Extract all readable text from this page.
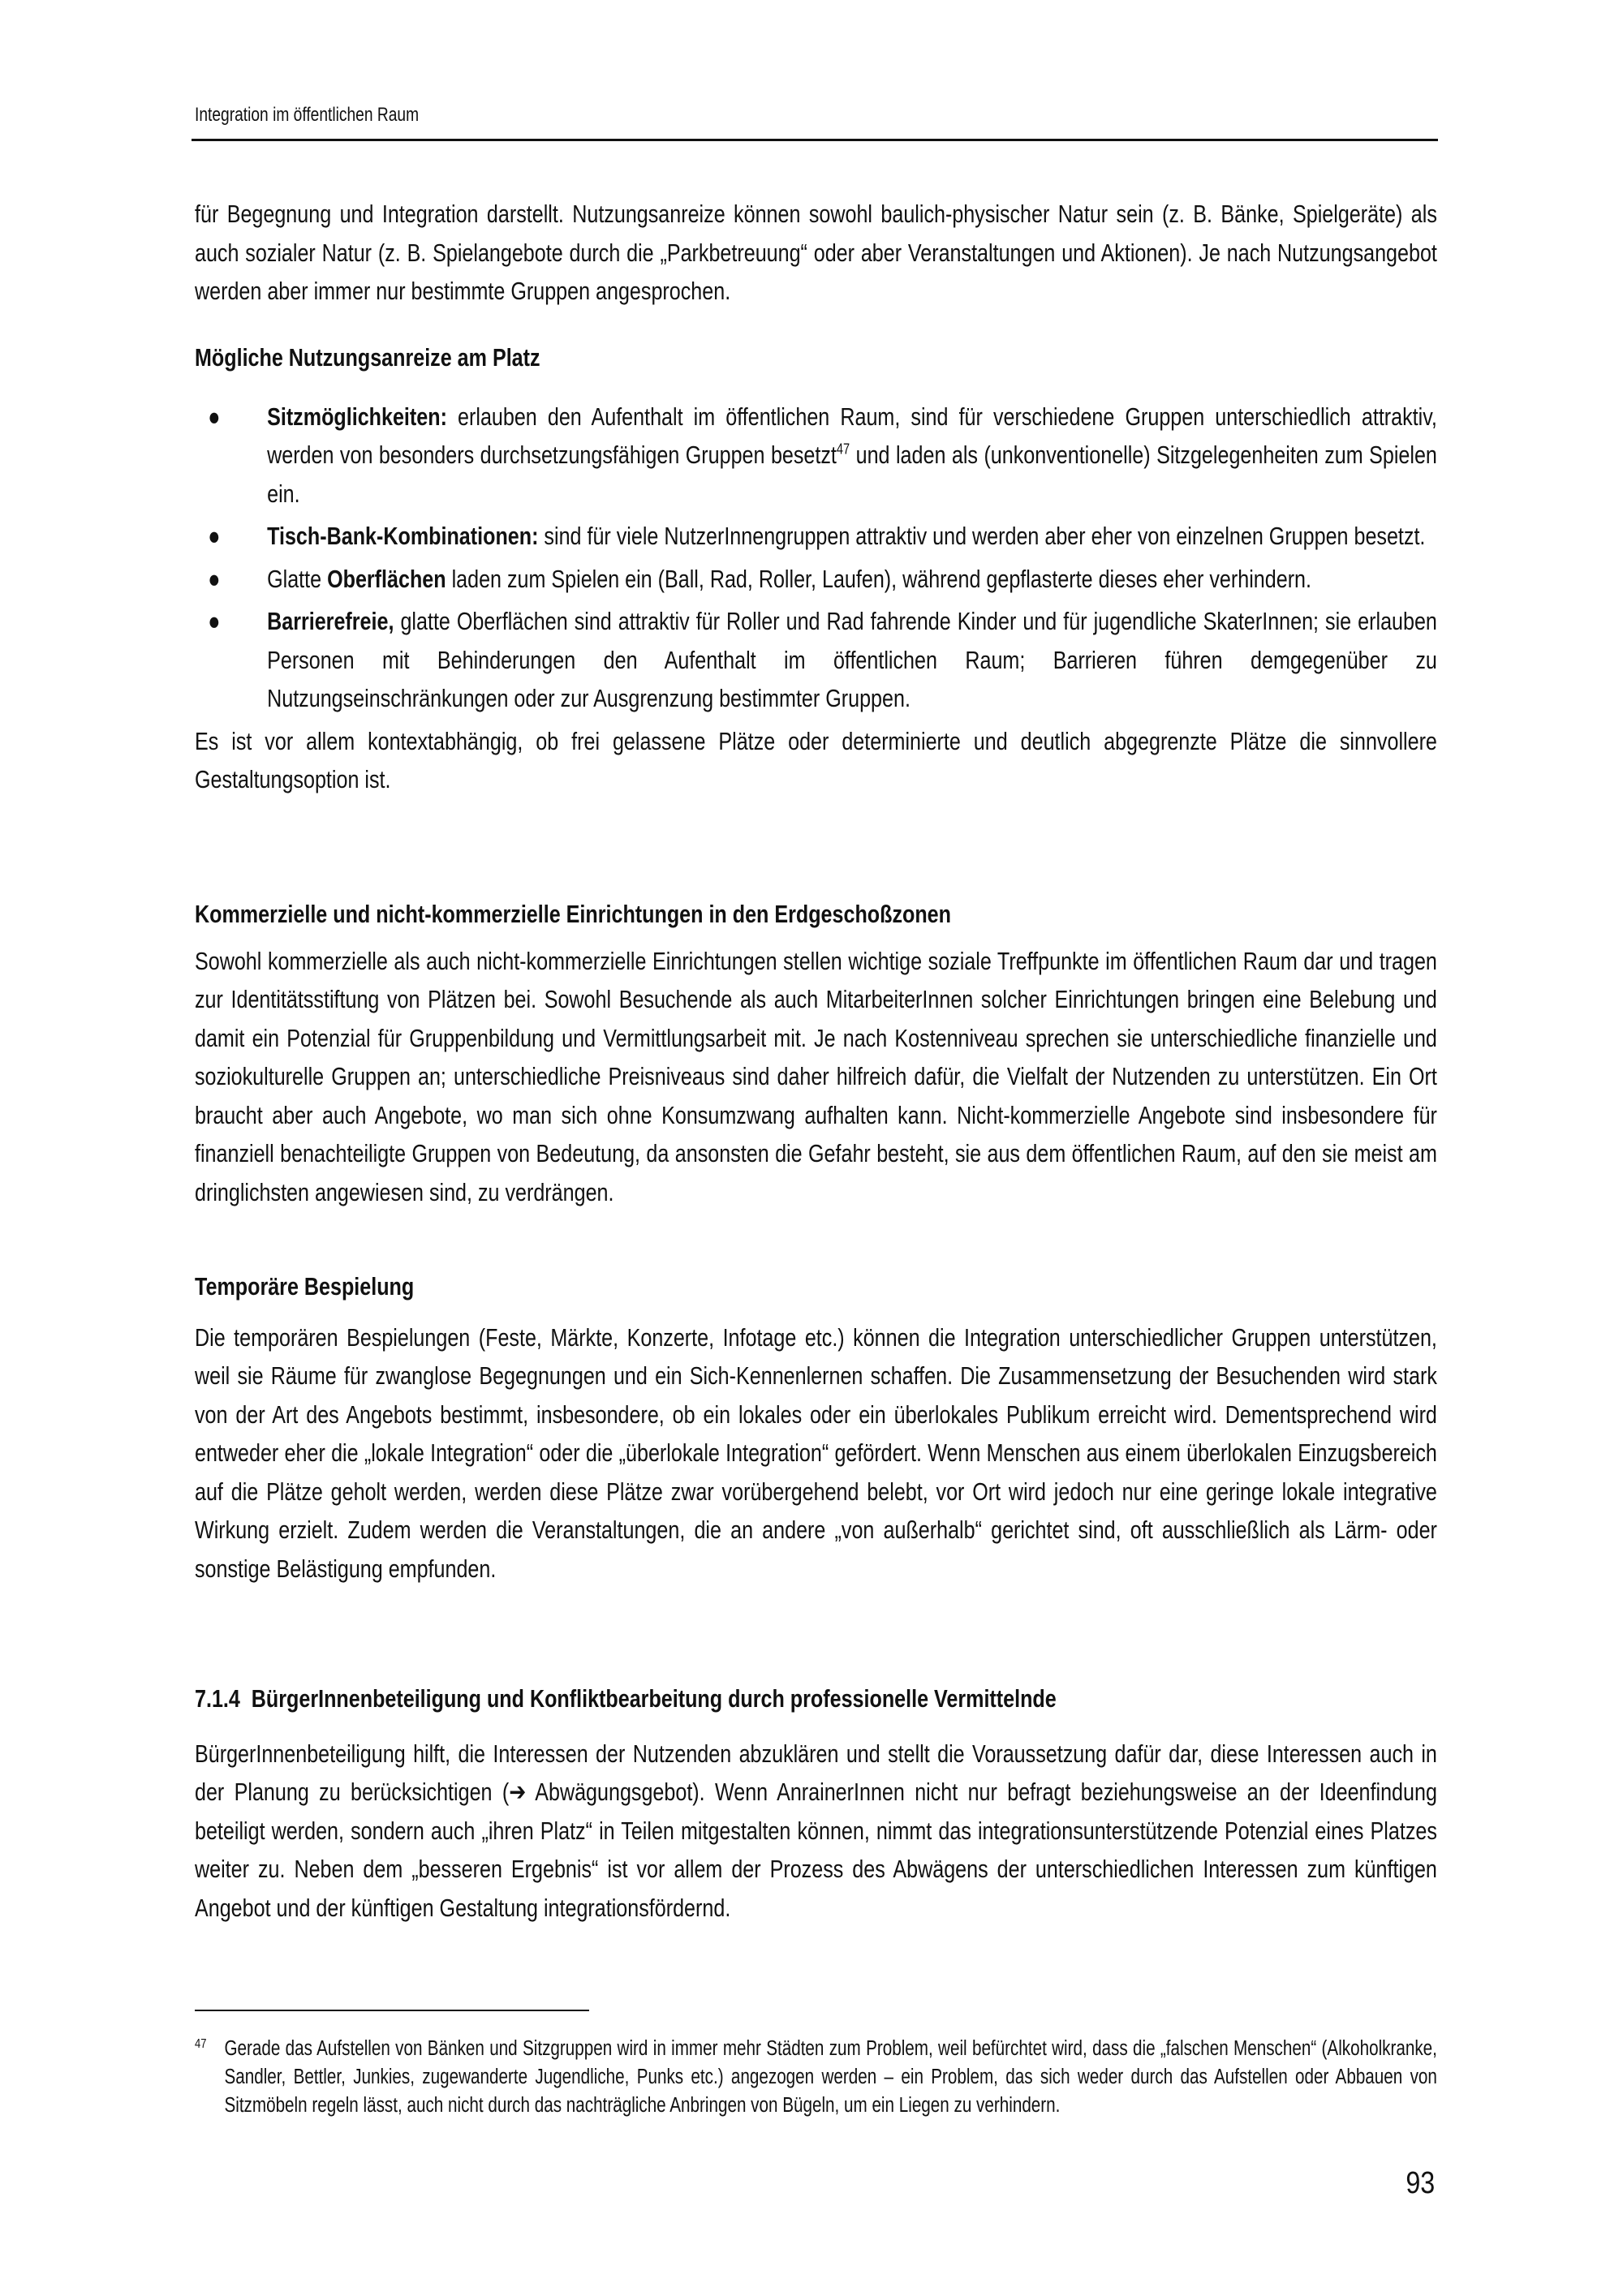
Integration im öffentlichen Raum

für Begegnung und Integration darstellt. Nutzungsanreize können sowohl baulich-physischer Natur sein (z. B. Bänke, Spielgeräte) als auch sozialer Natur (z. B. Spielangebote durch die „Parkbetreuung“ oder aber Veranstaltungen und Aktionen). Je nach Nutzungsangebot werden aber immer nur bestimmte Gruppen angesprochen.

Mögliche Nutzungsanreize am Platz

● Sitzmöglichkeiten: erlauben den Aufenthalt im öffentlichen Raum, sind für verschiedene Gruppen unterschiedlich attraktiv, werden von besonders durchsetzungsfähigen Gruppen besetzt$^{47}$ und laden als (unkonventionelle) Sitzgelegenheiten zum Spielen ein.
● Tisch-Bank-Kombinationen: sind für viele NutzerInnengruppen attraktiv und werden aber eher von einzelnen Gruppen besetzt.
● Glatte Oberflächen laden zum Spielen ein (Ball, Rad, Roller, Laufen), während gepflasterte dieses eher verhindern.
● Barrierefreie, glatte Oberflächen sind attraktiv für Roller und Rad fahrende Kinder und für jugendliche SkaterInnen; sie erlauben Personen mit Behinderungen den Aufenthalt im öffentlichen Raum; Barrieren führen demgegenüber zu Nutzungseinschränkungen oder zur Ausgrenzung bestimmter Gruppen.

Es ist vor allem kontextabhängig, ob frei gelassene Plätze oder determinierte und deutlich abgegrenzte Plätze die sinnvollere Gestaltungsoption ist.

Kommerzielle und nicht-kommerzielle Einrichtungen in den Erdgeschoßzonen

Sowohl kommerzielle als auch nicht-kommerzielle Einrichtungen stellen wichtige soziale Treffpunkte im öffentlichen Raum dar und tragen zur Identitätsstiftung von Plätzen bei. Sowohl Besuchende als auch MitarbeiterInnen solcher Einrichtungen bringen eine Belebung und damit ein Potenzial für Gruppenbildung und Vermittlungsarbeit mit. Je nach Kostenniveau sprechen sie unterschiedliche finanzielle und soziokulturelle Gruppen an; unterschiedliche Preisniveaus sind daher hilfreich dafür, die Vielfalt der Nutzenden zu unterstützen. Ein Ort braucht aber auch Angebote, wo man sich ohne Konsumzwang aufhalten kann. Nicht-kommerzielle Angebote sind insbesondere für finanziell benachteiligte Gruppen von Bedeutung, da ansonsten die Gefahr besteht, sie aus dem öffentlichen Raum, auf den sie meist am dringlichsten angewiesen sind, zu verdrängen.

Temporäre Bespielung

Die temporären Bespielungen (Feste, Märkte, Konzerte, Infotage etc.) können die Integration unterschiedlicher Gruppen unterstützen, weil sie Räume für zwanglose Begegnungen und ein Sich-Kennenlernen schaffen. Die Zusammensetzung der Besuchenden wird stark von der Art des Angebots bestimmt, insbesondere, ob ein lokales oder ein überlokales Publikum erreicht wird. Dementsprechend wird entweder eher die „lokale Integration“ oder die „überlokale Integration“ gefördert. Wenn Menschen aus einem überlokalen Einzugsbereich auf die Plätze geholt werden, werden diese Plätze zwar vorübergehend belebt, vor Ort wird jedoch nur eine geringe lokale integrative Wirkung erzielt. Zudem werden die Veranstaltungen, die an andere „von außerhalb“ gerichtet sind, oft ausschließlich als Lärm- oder sonstige Belästigung empfunden.

7.1.4  BürgerInnenbeteiligung und Konfliktbearbeitung durch professionelle Vermittelnde

BürgerInnenbeteiligung hilft, die Interessen der Nutzenden abzuklären und stellt die Voraussetzung dafür dar, diese Interessen auch in der Planung zu berücksichtigen (➔ Abwägungsgebot). Wenn AnrainerInnen nicht nur befragt beziehungsweise an der Ideenfindung beteiligt werden, sondern auch „ihren Platz“ in Teilen mitgestalten können, nimmt das integrationsunterstützende Potenzial eines Platzes weiter zu. Neben dem „besseren Ergebnis“ ist vor allem der Prozess des Abwägens der unterschiedlichen Interessen zum künftigen Angebot und der künftigen Gestaltung integrationsfördernd.

47 Gerade das Aufstellen von Bänken und Sitzgruppen wird in immer mehr Städten zum Problem, weil befürchtet wird, dass die „falschen Menschen“ (Alkoholkranke, Sandler, Bettler, Junkies, zugewanderte Jugendliche, Punks etc.) angezogen werden – ein Problem, das sich weder durch das Aufstellen oder Abbauen von Sitzmöbeln regeln lässt, auch nicht durch das nachträgliche Anbringen von Bügeln, um ein Liegen zu verhindern.
93
